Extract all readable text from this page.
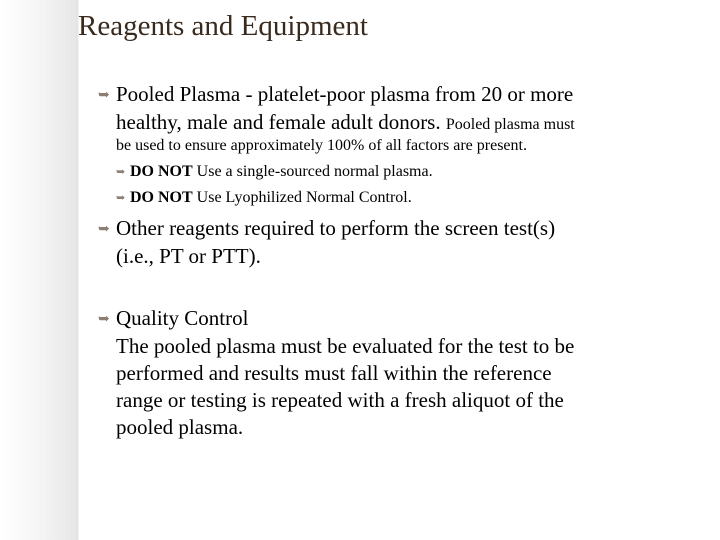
Reagents and Equipment
➥ Pooled Plasma - platelet-poor plasma from 20 or more
healthy, male and female adult donors. Pooled plasma must
be used to ensure approximately 100% of all factors are present.
➥ DO NOT Use a single-sourced normal plasma.
➥ DO NOT Use Lyophilized Normal Control.
➥ Other reagents required to perform the screen test(s)
(i.e., PT or PTT).
➥ Quality Control
The pooled plasma must be evaluated for the test to be
performed and results must fall within the reference
range or testing is repeated with a fresh aliquot of the
pooled plasma.
